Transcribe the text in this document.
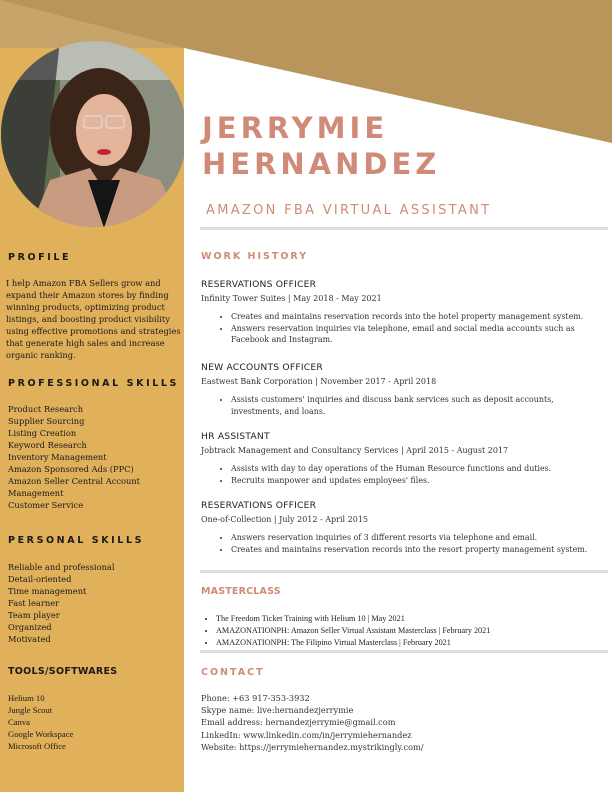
JERRYMIE
HERNANDEZ
AMAZON FBA VIRTUAL ASSISTANT
PROFILE
I help Amazon FBA Sellers grow and expand their Amazon stores by finding winning products, optimizing product listings, and boosting product visibility using effective promotions and strategies that generate high sales and increase organic ranking.
PROFESSIONAL SKILLS
Product Research
Supplier Sourcing
Listing Creation
Keyword Research
Inventory Management
Amazon Sponsored Ads (PPC)
Amazon Seller Central Account Management
Customer Service
PERSONAL SKILLS
Reliable and professional
Detail-oriented
Time management
Fast learner
Team player
Organized
Motivated
TOOLS/SOFTWARES
Helium 10
Jungle Scout
Canva
Google Workspace
Microsoft Office
WORK HISTORY
RESERVATIONS OFFICER
Infinity Tower Suites | May 2018 - May 2021
• Creates and maintains reservation records into the hotel property management system.
• Answers reservation inquiries via telephone, email and social media accounts such as Facebook and Instagram.
NEW ACCOUNTS OFFICER
Eastwest Bank Corporation | November 2017 - April 2018
• Assists customers' inquiries and discuss bank services such as deposit accounts, investments, and loans.
HR ASSISTANT
Jobtrack Management and Consultancy Services | April 2015 - August 2017
• Assists with day to day operations of the Human Resource functions and duties.
• Recruits manpower and updates employees' files.
RESERVATIONS OFFICER
One-of-Collection | July 2012 - April 2015
• Answers reservation inquiries of 3 different resorts via telephone and email.
• Creates and maintains reservation records into the resort property management system.
MASTERCLASS
• The Freedom Ticket Training with Helium 10 | May 2021
• AMAZONATIONPH: Amazon Seller Virtual Assistant Masterclass | February 2021
• AMAZONATIONPH: The Filipino Virtual Masterclass | February 2021
CONTACT
Phone: +63 917-353-3932
Skype name: live:hernandezjerrymie
Email address: hernandezjerrymie@gmail.com
LinkedIn: www.linkedin.com/in/jerrymiehernandez
Website: https://jerrymiehernandez.mystrikingly.com/
